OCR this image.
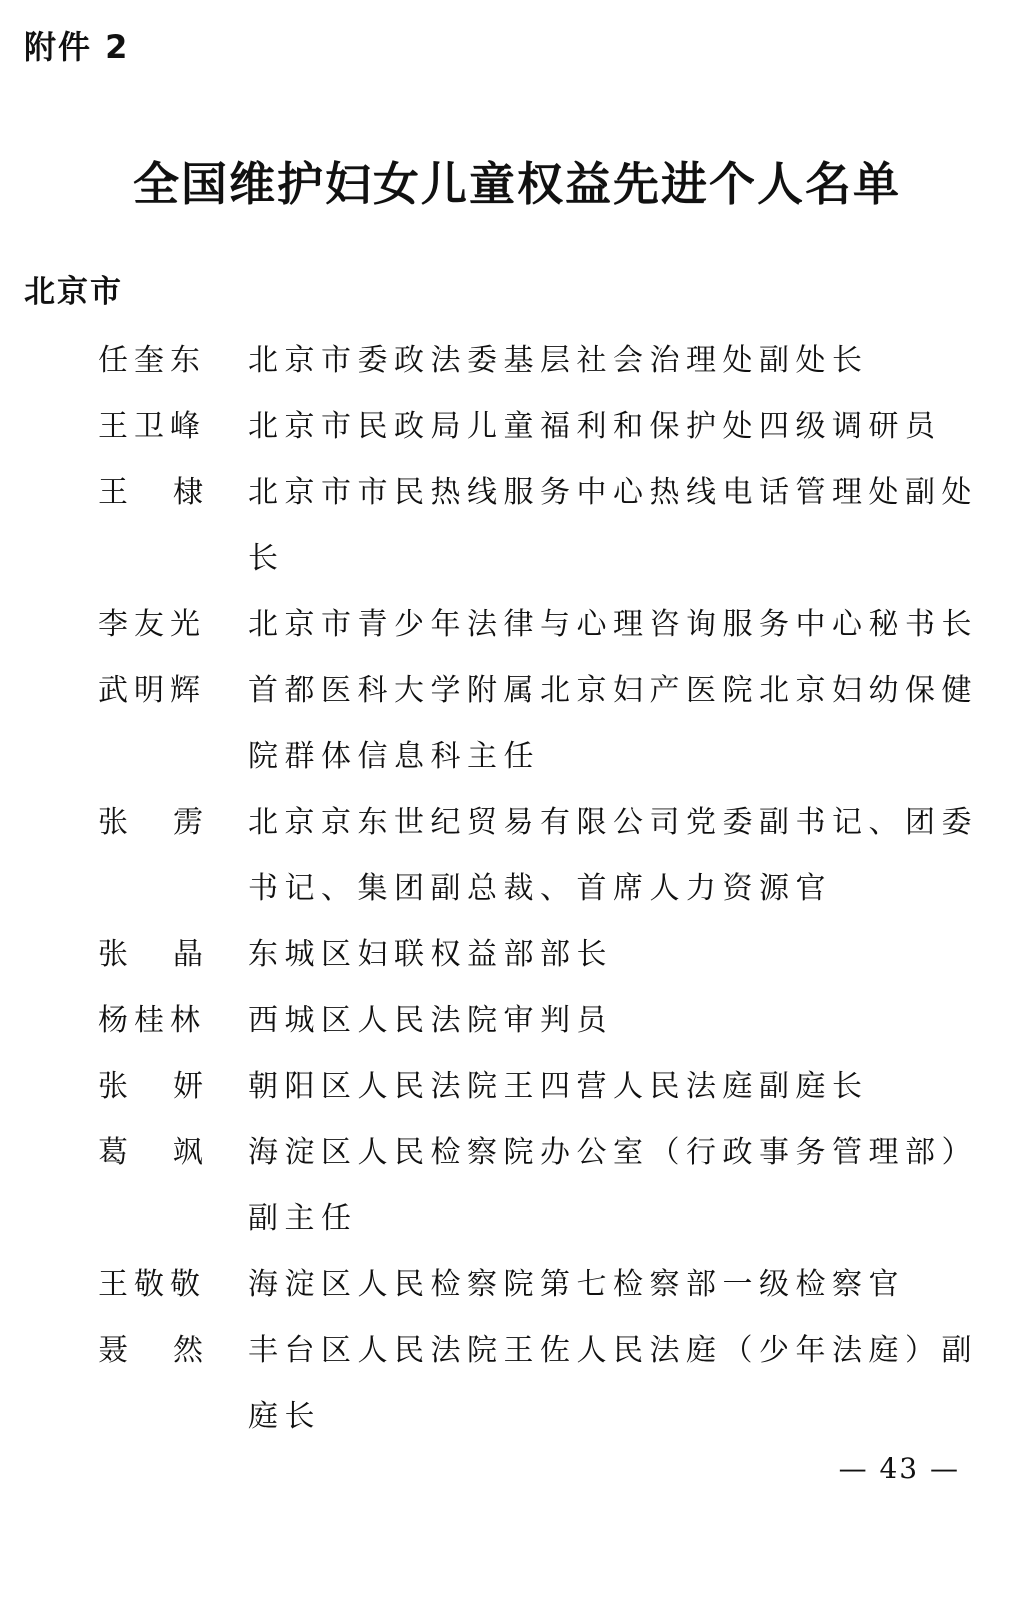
附件 2
全国维护妇女儿童权益先进个人名单
北京市
任奎东	北京市委政法委基层社会治理处副处长
王卫峰	北京市民政局儿童福利和保护处四级调研员
王 棣	北京市市民热线服务中心热线电话管理处副处长
李友光	北京市青少年法律与心理咨询服务中心秘书长
武明辉	首都医科大学附属北京妇产医院北京妇幼保健院群体信息科主任
张 雳	北京京东世纪贸易有限公司党委副书记、团委书记、集团副总裁、首席人力资源官
张 晶	东城区妇联权益部部长
杨桂林	西城区人民法院审判员
张 妍	朝阳区人民法院王四营人民法庭副庭长
葛 飒	海淀区人民检察院办公室（行政事务管理部）副主任
王敬敬	海淀区人民检察院第七检察部一级检察官
聂 然	丰台区人民法院王佐人民法庭（少年法庭）副庭长
— 43 —
